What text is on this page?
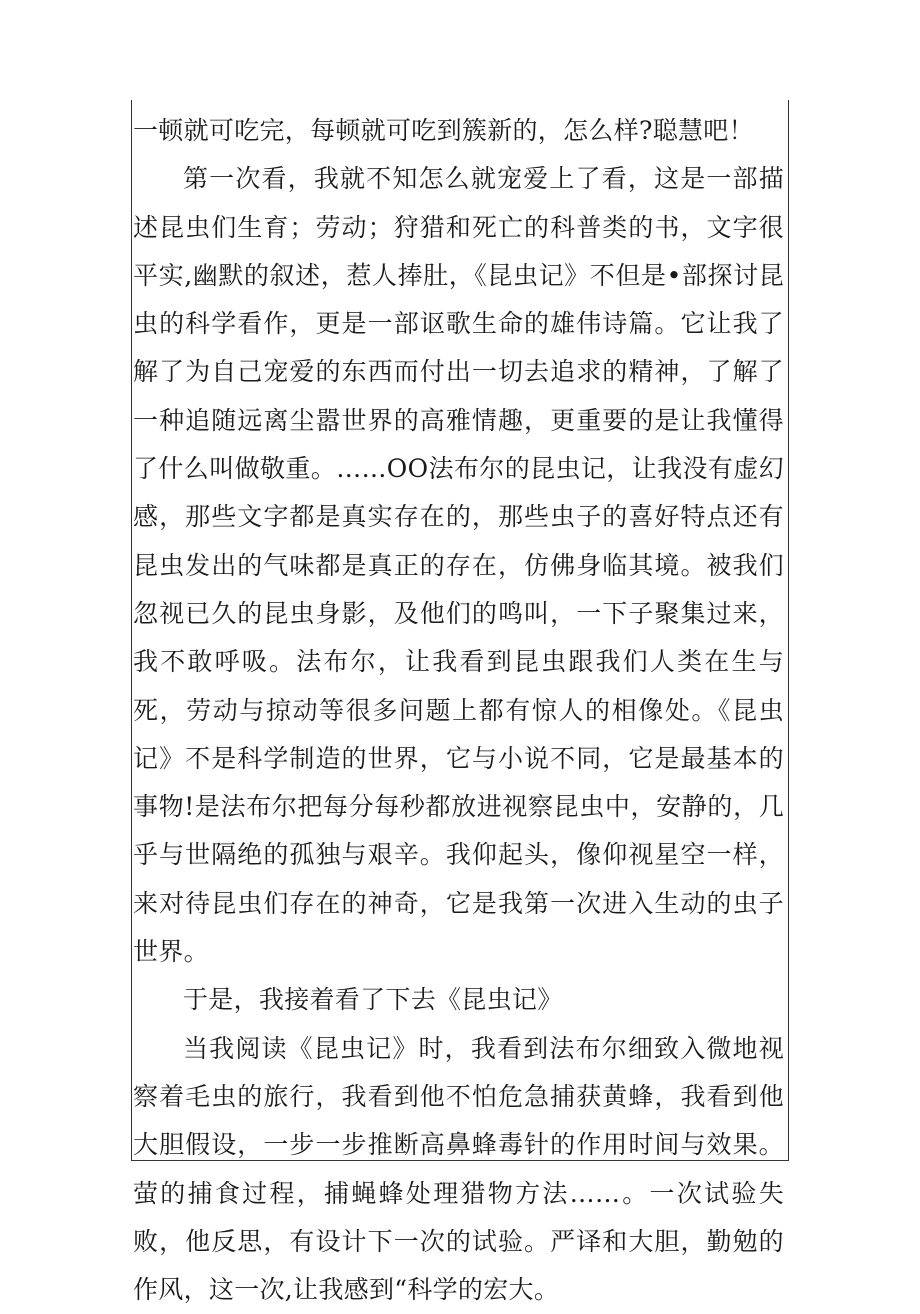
一顿就可吃完，每顿就可吃到簇新的，怎么样?聪慧吧！

第一次看，我就不知怎么就宠爱上了看，这是一部描述昆虫们生育；劳动；狩猎和死亡的科普类的书，文字很平实,幽默的叙述，惹人捧肚，《昆虫记》不但是•部探讨昆虫的科学看作，更是一部讴歌生命的雄伟诗篇。它让我了解了为自己宠爱的东西而付出一切去追求的精神，了解了一种追随远离尘嚣世界的高雅情趣，更重要的是让我懂得了什么叫做敬重。……OO法布尔的昆虫记，让我没有虚幻感，那些文字都是真实存在的，那些虫子的喜好特点还有昆虫发出的气味都是真正的存在，仿佛身临其境。被我们忽视已久的昆虫身影，及他们的鸣叫，一下子聚集过来，我不敢呼吸。法布尔，让我看到昆虫跟我们人类在生与死，劳动与掠动等很多问题上都有惊人的相像处。《昆虫记》不是科学制造的世界，它与小说不同，它是最基本的事物!是法布尔把每分每秒都放进视察昆虫中，安静的，几乎与世隔绝的孤独与艰辛。我仰起头，像仰视星空一样，来对待昆虫们存在的神奇，它是我第一次进入生动的虫子世界。

于是，我接着看了下去《昆虫记》

当我阅读《昆虫记》时，我看到法布尔细致入微地视察着毛虫的旅行，我看到他不怕危急捕获黄蜂，我看到他大胆假设，一步一步推断高鼻蜂毒针的作用时间与效果。萤的捕食过程，捕蝇蜂处理猎物方法……。一次试验失败，他反思，有设计下一次的试验。严译和大胆，勤勉的作风，这一次,让我感到“科学的宏大。
